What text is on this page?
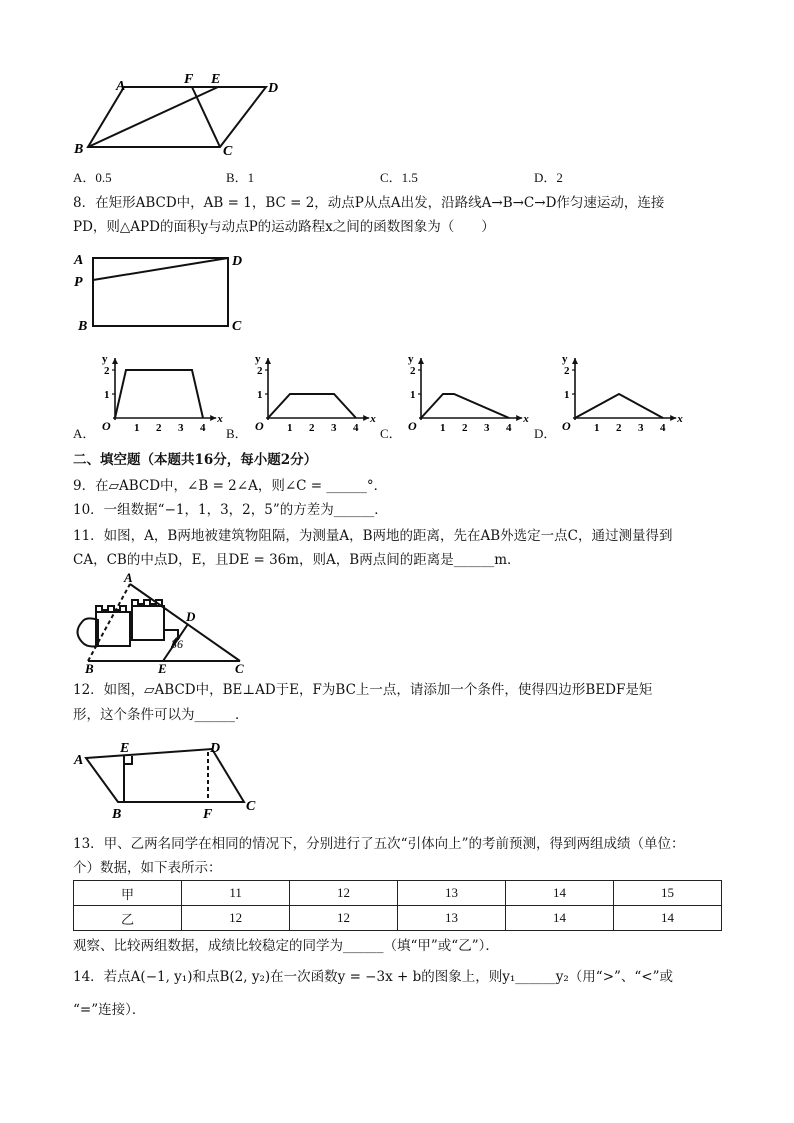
A	F E
D
B	C
A．0.5	B．1	C．1.5	D．2
8．在矩形ABCD中，AB = 1，BC = 2，动点P从点A出发，沿路线A→B→C→D作匀速运动，连接
PD，则△APD的面积y与动点P的运动路程x之间的函数图象为（　　）
A
P
D
B	C
A．	B．	C．	D．
y
x
O
1
2
1 2 3 4
y
x
O
1
2
1 2 3 4
y
x
O
1
2
1 2 3 4
y
x
O
1
2
1 2 3 4
二、填空题（本题共16分，每小题2分）
9．在▱ABCD中，∠B = 2∠A，则∠C = ______°．
10．一组数据“−1，1，3，2，5”的方差为______．
11．如图，A，B两地被建筑物阻隔，为测量A，B两地的距离，先在AB外选定一点C，通过测量得到
CA，CB的中点D，E，且DE = 36m，则A，B两点间的距离是______m．
A
D
36
B	E	C
12．如图，▱ABCD中，BE⊥AD于E，F为BC上一点，请添加一个条件，使得四边形BEDF是矩
形，这个条件可以为______．
A
E	D
B	F
C
13．甲、乙两名同学在相同的情况下，分别进行了五次“引体向上”的考前预测，得到两组成绩（单位：
个）数据，如下表所示：
甲	11	12	13	14	15
乙	12	12	13	14	14
观察、比较两组数据，成绩比较稳定的同学为______（填“甲”或“乙”）．
14．若点A(−1, y₁)和点B(2, y₂)在一次函数y = −3x + b的图象上，则y₁______y₂（用“>”、“<”或
“=”连接）．
